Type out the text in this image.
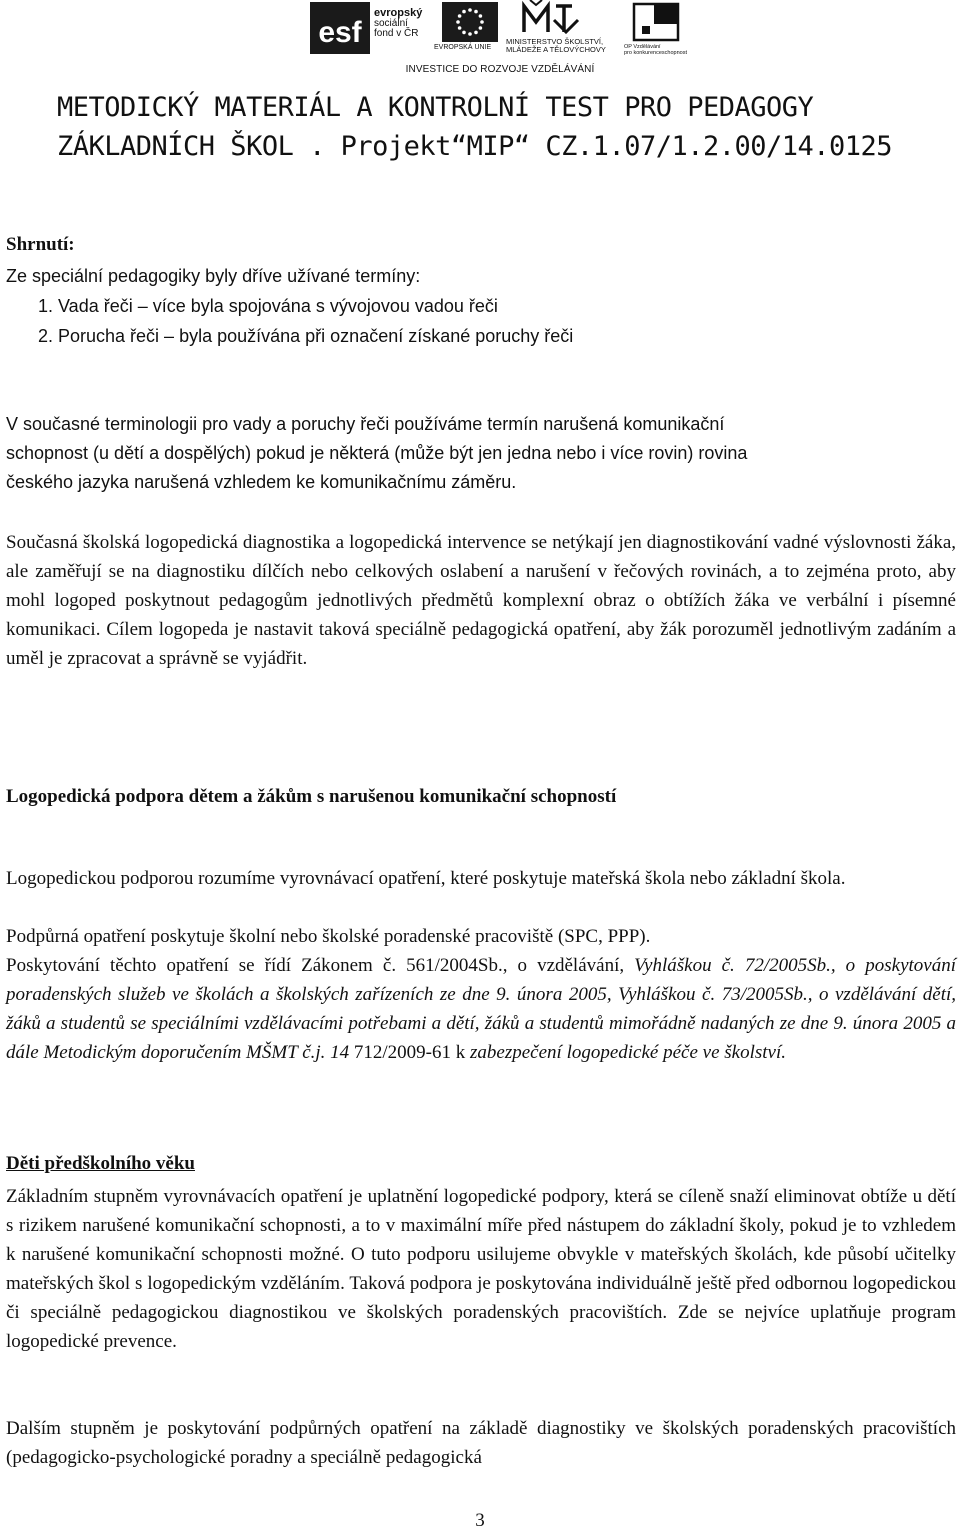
esf
evropský
sociální
fond v ČR
EVROPSKÁ UNIE
MINISTERSTVO ŠKOLSTVÍ,
MLÁDEŽE A TĚLOVÝCHOVY	OP Vzdělávání
pro konkurenceschopnost
INVESTICE DO ROZVOJE VZDĚLÁVÁNÍ
METODICKÝ MATERIÁL A KONTROLNÍ TEST PRO PEDAGOGY
ZÁKLADNÍCH ŠKOL . Projekt“MIP“ CZ.1.07/1.2.00/14.0125
Shrnutí:
Ze speciální pedagogiky byly dříve užívané termíny:
1. Vada řeči – více byla spojována s vývojovou vadou řeči
2. Porucha řeči – byla používána při označení získané poruchy řeči
V současné terminologii pro vady a poruchy řeči používáme termín narušená komunikační
schopnost (u dětí a dospělých) pokud je některá (může být jen jedna nebo i více rovin) rovina
českého jazyka narušená vzhledem ke komunikačnímu záměru.
Současná školská logopedická diagnostika a logopedická intervence se netýkají jen diagnostikování vadné výslovnosti žáka, ale zaměřují se na diagnostiku dílčích nebo celkových oslabení a narušení v řečových rovinách, a to zejména proto, aby mohl logoped poskytnout pedagogům jednotlivých předmětů komplexní obraz o obtížích žáka ve verbální i písemné komunikaci. Cílem logopeda je nastavit taková speciálně pedagogická opatření, aby žák porozuměl jednotlivým zadáním a uměl je zpracovat a správně se vyjádřit.
Logopedická podpora dětem a žákům s narušenou komunikační schopností
Logopedickou podporou rozumíme vyrovnávací opatření, které poskytuje mateřská škola nebo základní škola.
Podpůrná opatření poskytuje školní nebo školské poradenské pracoviště (SPC, PPP).
Poskytování těchto opatření se řídí Zákonem č. 561/2004Sb., o vzdělávání, Vyhláškou č. 72/2005Sb., o poskytování poradenských služeb ve školách a školských zařízeních ze dne 9. února 2005, Vyhláškou č. 73/2005Sb., o vzdělávání dětí, žáků a studentů se speciálními vzdělávacími potřebami a dětí, žáků a studentů mimořádně nadaných ze dne 9. února 2005 a dále Metodickým doporučením MŠMT č.j. 14 712/2009-61 k zabezpečení logopedické péče ve školství.
Děti předškolního věku
Základním stupněm vyrovnávacích opatření je uplatnění logopedické podpory, která se cíleně snaží eliminovat obtíže u dětí s rizikem narušené komunikační schopnosti, a to v maximální míře před nástupem do základní školy, pokud je to vzhledem k narušené komunikační schopnosti možné. O tuto podporu usilujeme obvykle v mateřských školách, kde působí učitelky mateřských škol s logopedickým vzděláním. Taková podpora je poskytována individuálně ještě před odbornou logopedickou či speciálně pedagogickou diagnostikou ve školských poradenských pracovištích. Zde se nejvíce uplatňuje program logopedické prevence.
Dalším stupněm je poskytování podpůrných opatření na základě diagnostiky ve školských poradenských pracovištích (pedagogicko-psychologické poradny a speciálně pedagogická
3
